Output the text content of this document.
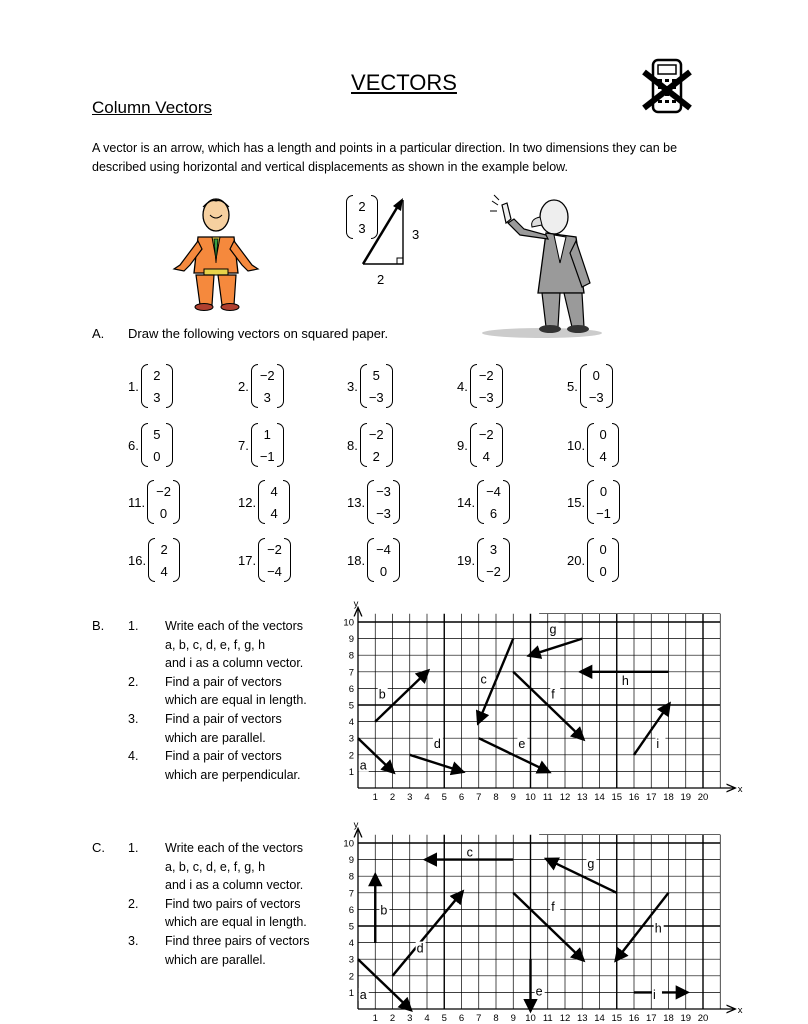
VECTORS
Column Vectors
A vector is an arrow, which has a length and points in a particular direction. In two dimensions they can be described using horizontal and vertical displacements as shown in the example below.
2
3	3
2
A. Draw the following vectors on squared paper.
1.
2
3
2.
−2
3
3.
5
−3
4.
−2
−3
5.
0
−3
6.
5
0
7.
1
−1
8.
−2
2
9.
−2
4
10.
0
4
11.
−2
0
12.
4
4
13.
−3
−3
14.
−4
6
15.
0
−1
16.
2
4
17.
−2
−4
18.
−4
0
19.
3
−2
20.
0
0
B. 1. Write each of the vectors
a, b, c, d, e, f, g, h
and i as a column vector.
2. Find a pair of vectors
which are equal in length.
3. Find a pair of vectors
which are parallel.
4. Find a pair of vectors
which are perpendicular.
1 2 3 4 5 6 7 8 9 10 11 12 13 14 15 16 17 18 19 20
1
2
3
4
5
6
7
8
9
10
x
y
a
b
c
d	e
f
g
h
i
C. 1. Write each of the vectors
a, b, c, d, e, f, g, h
and i as a column vector.
2. Find two pairs of vectors
which are equal in length.
3. Find three pairs of vectors
which are parallel.
1 2 3 4 5 6 7 8 9 10 11 12 13 14 15 16 17 18 19 20
1
2
3
4
5
6
7
8
9
10
x
y
a
b
c
d
e
f
g
h
i
